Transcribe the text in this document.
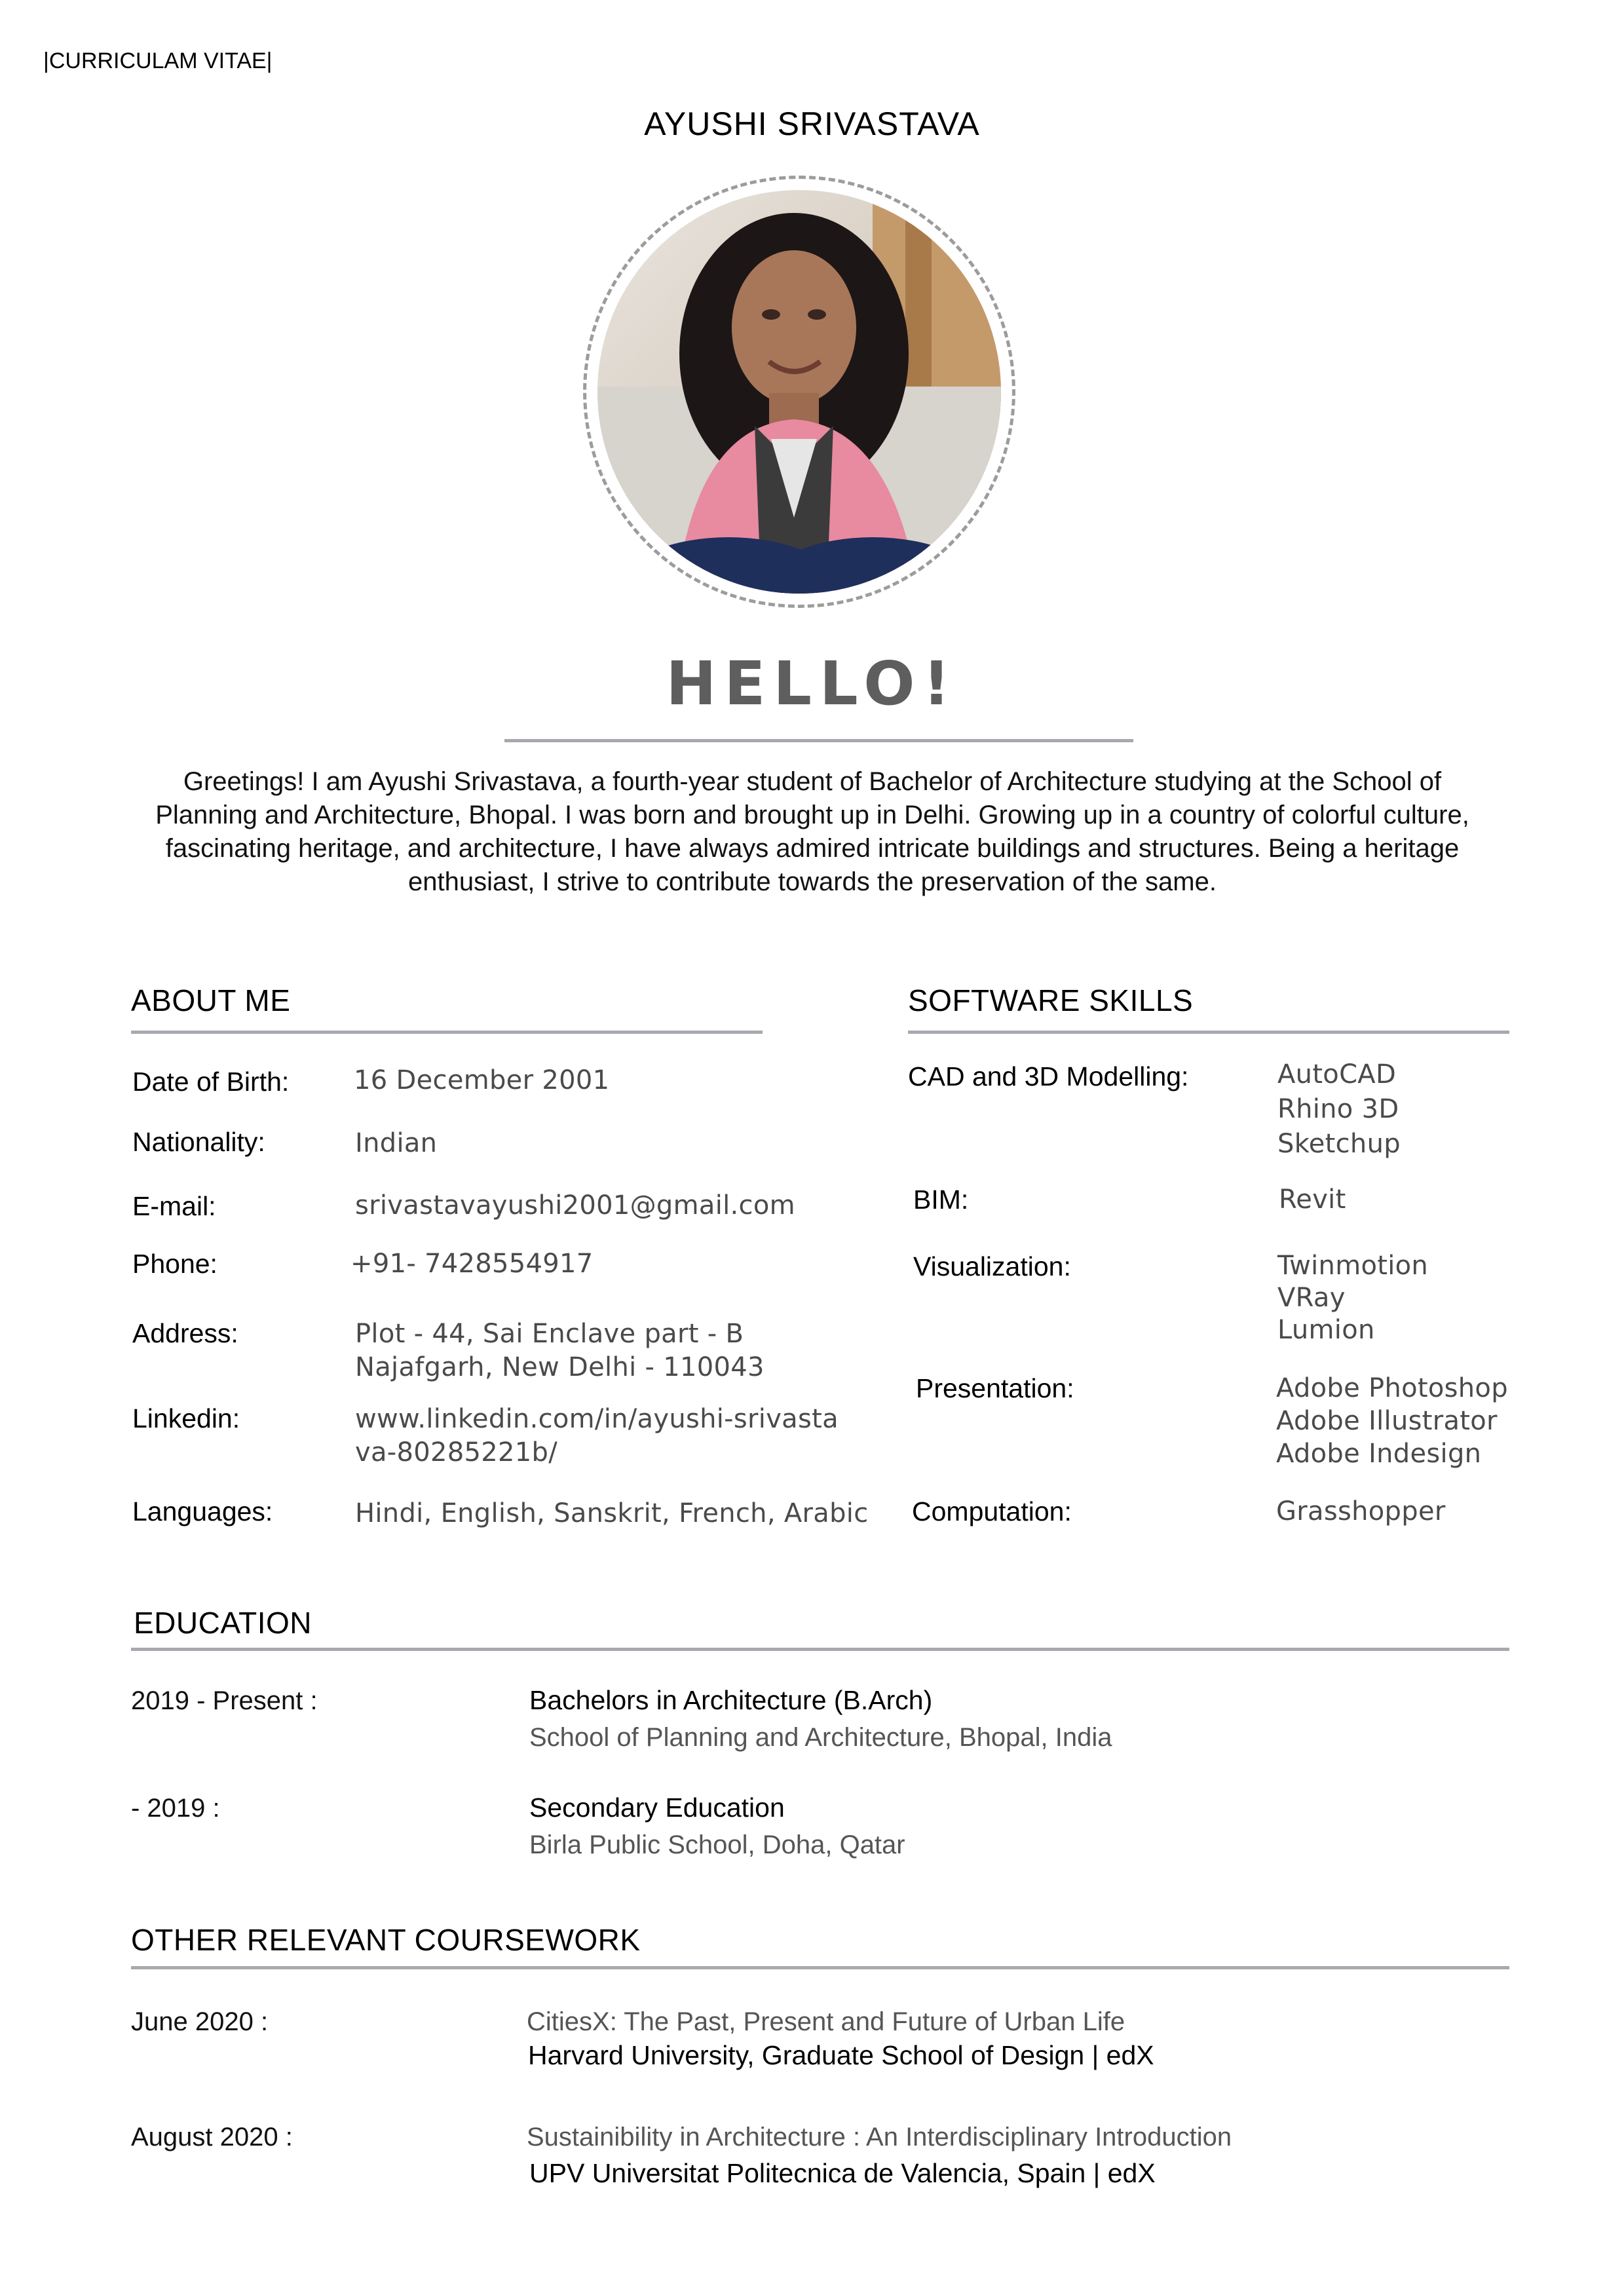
|CURRICULAM VITAE|
AYUSHI SRIVASTAVA
HELLO!
Greetings! I am Ayushi Srivastava, a fourth-year student of Bachelor of Architecture studying at the School of Planning and Architecture, Bhopal. I was born and brought up in Delhi. Growing up in a country of colorful culture, fascinating heritage, and architecture, I have always admired intricate buildings and structures. Being a heritage enthusiast, I strive to contribute towards the preservation of the same.
ABOUT ME
Date of Birth: 16 December 2001
Nationality:	Indian
E-mail:	srivastavayushi2001@gmail.com
Phone:	+91- 7428554917
Address:	Plot - 44, Sai Enclave part - B
Najafgarh, New Delhi - 110043
Linkedin:	www.linkedin.com/in/ayushi-srivasta
va-80285221b/
Languages:	Hindi, English, Sanskrit, French, Arabic
SOFTWARE SKILLS
CAD and 3D Modelling:	AutoCAD
Rhino 3D
Sketchup
BIM:	Revit
Visualization:	Twinmotion
VRay
Lumion
Presentation:	Adobe Photoshop
Adobe Illustrator
Adobe Indesign
Computation:	Grasshopper
EDUCATION
2019 - Present :	Bachelors in Architecture (B.Arch)
School of Planning and Architecture, Bhopal, India
- 2019 :	Secondary Education
Birla Public School, Doha, Qatar
OTHER RELEVANT COURSEWORK
June 2020 :	CitiesX: The Past, Present and Future of Urban Life
Harvard University, Graduate School of Design | edX
August 2020 :	Sustainibility in Architecture : An Interdisciplinary Introduction
UPV Universitat Politecnica de Valencia, Spain | edX
